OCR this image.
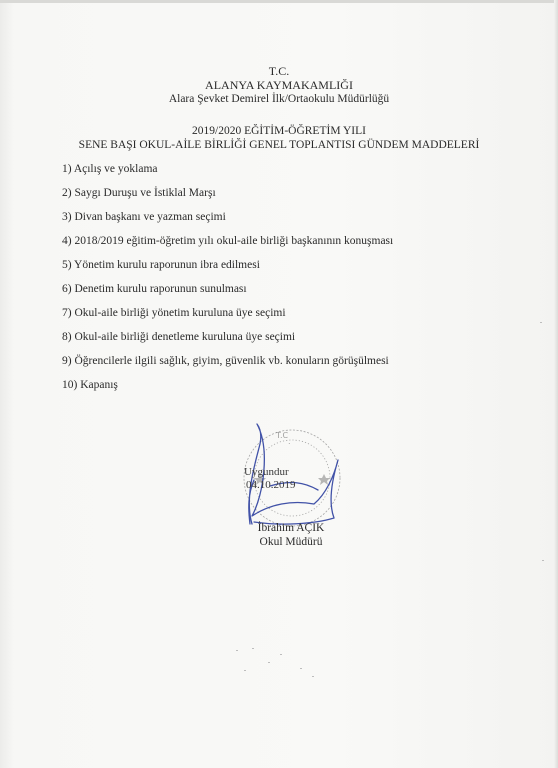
T.C.
ALANYA KAYMAKAMLIĞI
Alara Şevket Demirel İlk/Ortaokulu Müdürlüğü
2019/2020 EĞİTİM-ÖĞRETİM YILI
SENE BAŞI OKUL-AİLE BİRLİĞİ GENEL TOPLANTISI GÜNDEM MADDELERİ
1) Açılış ve yoklama
2) Saygı Duruşu ve İstiklal Marşı
3) Divan başkanı ve yazman seçimi
4) 2018/2019 eğitim-öğretim yılı okul-aile birliği başkanının konuşması
5) Yönetim kurulu raporunun ibra edilmesi
6) Denetim kurulu raporunun sunulması
7) Okul-aile birliği yönetim kuruluna üye seçimi
8) Okul-aile birliği denetleme kuruluna üye seçimi
9) Öğrencilerle ilgili sağlık, giyim, güvenlik vb. konuların görüşülmesi
10) Kapanış
T.C
.
Uygundur
04.10.2019
İbrahim AÇIK
Okul Müdürü
